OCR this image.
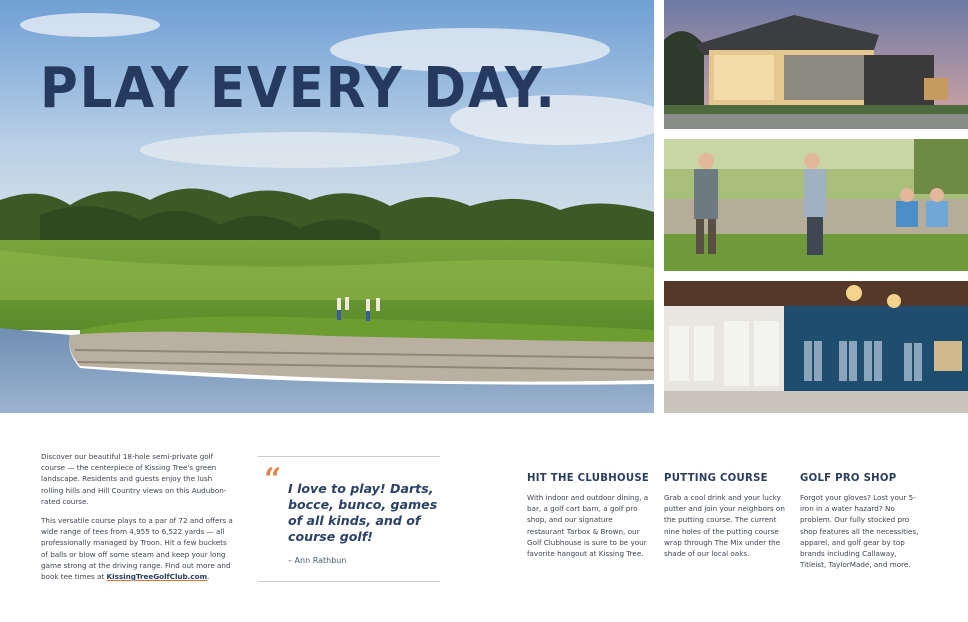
PLAY EVERY DAY.

Discover our beautiful 18-hole semi-private golf course — the centerpiece of Kissing Tree's green landscape. Residents and guests enjoy the lush rolling hills and Hill Country views on this Audubon-rated course.

This versatile course plays to a par of 72 and offers a wide range of tees from 4,955 to 6,522 yards — all professionally managed by Troon. Hit a few buckets of balls or blow off some steam and keep your long game strong at the driving range. Find out more and book tee times at KissingTreeGolfClub.com.

“ I love to play! Darts, bocce, bunco, games of all kinds, and of course golf!

– Ann Rathbun
HIT THE CLUBHOUSE

With indoor and outdoor dining, a bar, a golf cart barn, a golf pro shop, and our signature restaurant Tarbox & Brown, our Golf Clubhouse is sure to be your favorite hangout at Kissing Tree.

PUTTING COURSE

Grab a cool drink and your lucky putter and join your neighbors on the putting course. The current nine holes of the putting course wrap through The Mix under the shade of our local oaks.

GOLF PRO SHOP

Forgot your gloves? Lost your 5-iron in a water hazard? No problem. Our fully stocked pro shop features all the necessities, apparel, and golf gear by top brands including Callaway, Titleist, TaylorMade, and more.
